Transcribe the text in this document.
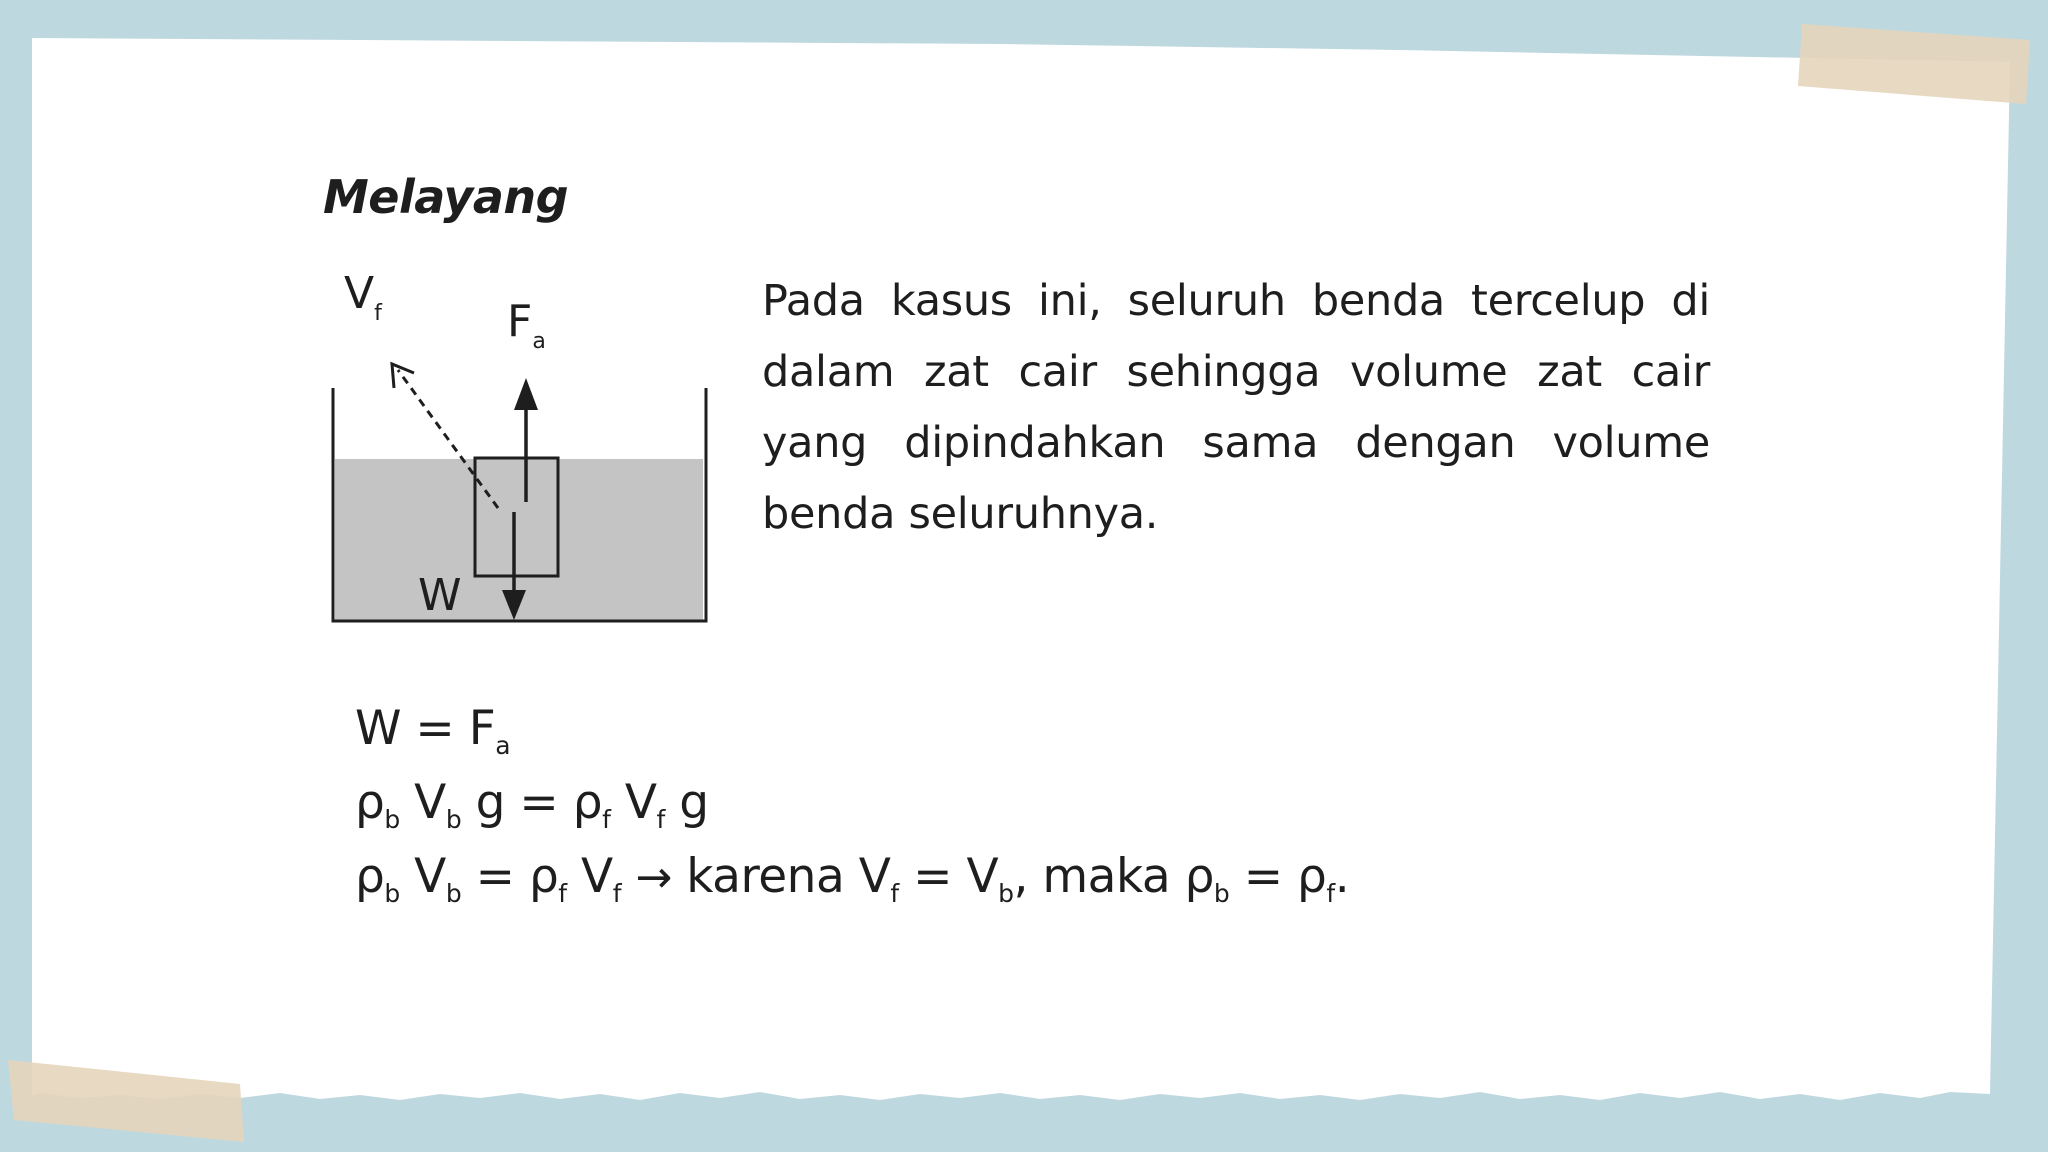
$V_f$	$F_a$
W
Melayang

Pada kasus ini, seluruh benda tercelup di dalam zat cair sehingga volume zat cair yang dipindahkan sama dengan volume benda seluruhnya.

$W = F_a$
$\rho_b$ $V_b$ $g = \rho_f$ $V_f$ g
$\rho_b$ $V_b = \rho_f$ $V_f$ → karena $V_f = V_b$, maka $\rho_b = \rho_f$.
